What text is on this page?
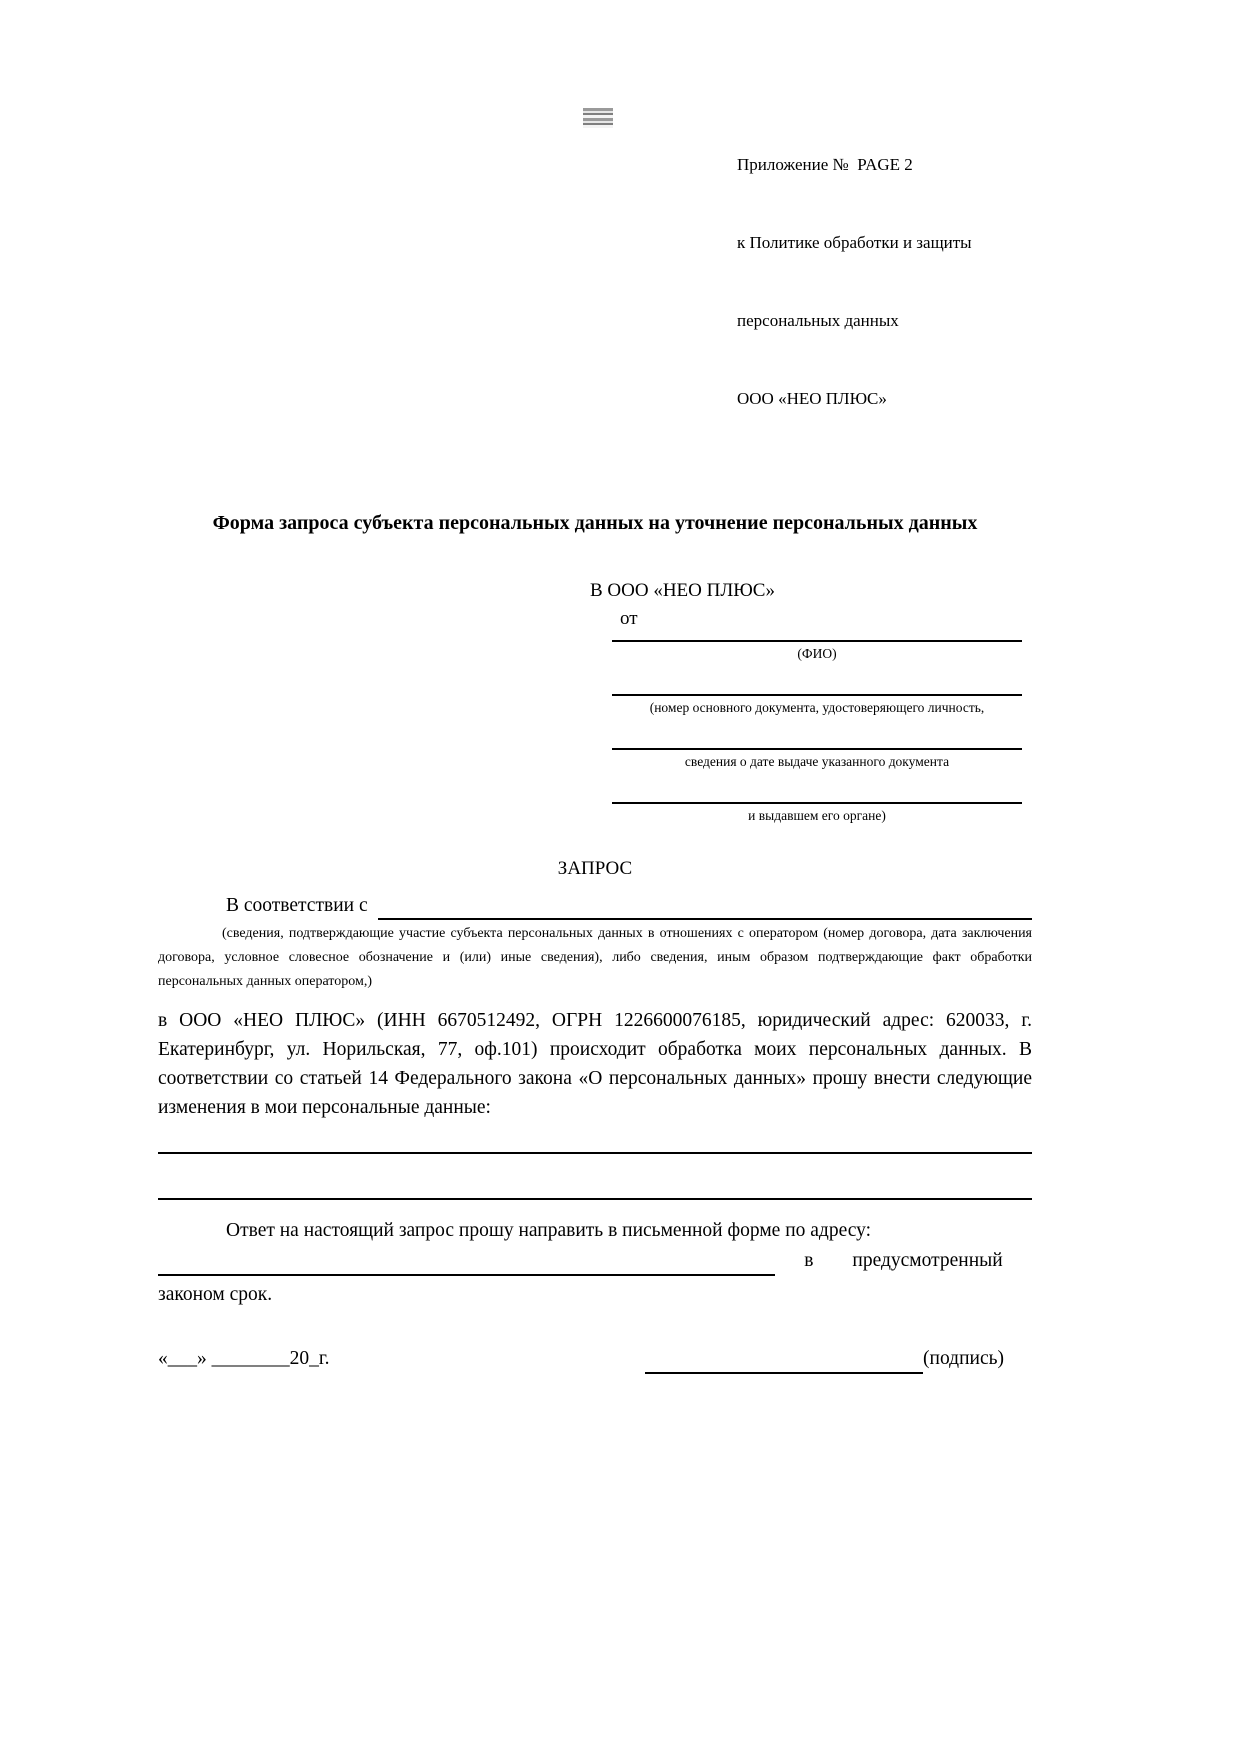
Приложение №  PAGE 2

к Политике обработки и защиты

персональных данных

ООО «НЕО ПЛЮС»

Форма запроса субъекта персональных данных на уточнение персональных данных
В ООО «НЕО ПЛЮС»
от
(ФИО)
(номер основного документа, удостоверяющего личность,
сведения о дате выдаче указанного документа
и выдавшем его органе)
ЗАПРОС
В соответствии с
(сведения, подтверждающие участие субъекта персональных данных в отношениях с оператором (номер договора, дата заключения договора, условное словесное обозначение и (или) иные сведения), либо сведения, иным образом подтверждающие факт обработки персональных данных оператором,)
в ООО «НЕО ПЛЮС» (ИНН 6670512492, ОГРН 1226600076185, юридический адрес: 620033, г. Екатеринбург, ул. Норильская, 77, оф.101) происходит обработка моих персональных данных. В соответствии со статьей 14 Федерального закона «О персональных данных» прошу внести следующие изменения в мои персональные данные:
Ответ на настоящий запрос прошу направить в письменной форме по адресу:
в предусмотренный
законом срок.
«___» ________20_г.	(подпись)
